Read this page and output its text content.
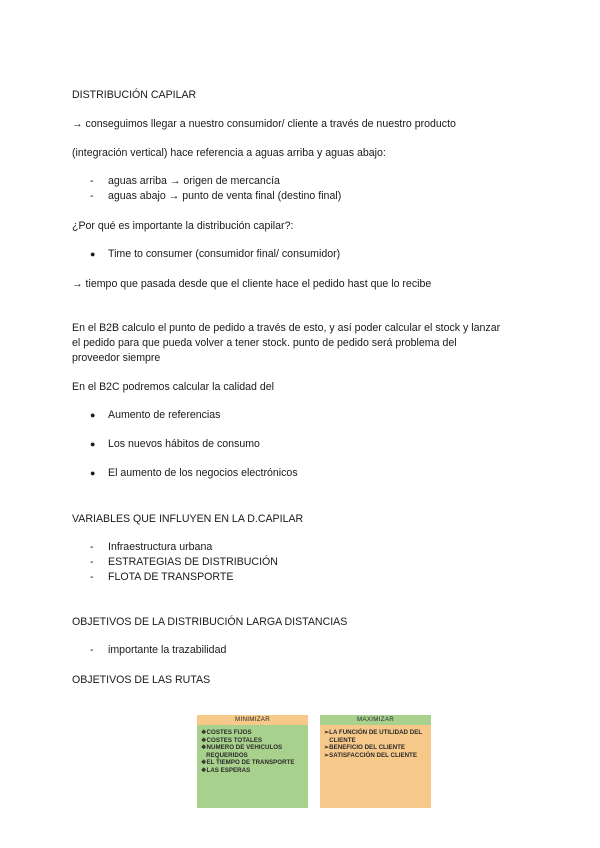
DISTRIBUCIÓN CAPILAR
→ conseguimos llegar a nuestro consumidor/ cliente a través de nuestro producto
(integración vertical) hace referencia a aguas arriba y aguas abajo:
- aguas arriba → origen de mercancía
- aguas abajo → punto de venta final (destino final)
¿Por qué es importante la distribución capilar?:
● Time to consumer (consumidor final/ consumidor)
→ tiempo que pasada desde que el cliente hace el pedido hast que lo recibe
En el B2B calculo el punto de pedido a través de esto, y así poder calcular el stock y lanzar
el pedido para que pueda volver a tener stock. punto de pedido será problema del
proveedor siempre
En el B2C podremos calcular la calidad del
● Aumento de referencias
● Los nuevos hábitos de consumo
● El aumento de los negocios electrónicos
VARIABLES QUE INFLUYEN EN LA D.CAPILAR
- Infraestructura urbana
- ESTRATEGIAS DE DISTRIBUCIÓN
- FLOTA DE TRANSPORTE
OBJETIVOS DE LA DISTRIBUCIÓN LARGA DISTANCIAS
- importante la trazabilidad
OBJETIVOS DE LAS RUTAS
MINIMIZAR
❖COSTES FIJOS
❖COSTES TOTALES
❖NUMERO DE VEHICULOS
REQUERIDOS
❖EL TIEMPO DE TRANSPORTE
❖LAS ESPERAS
MAXIMIZAR
➢LA FUNCIÓN DE UTILIDAD DEL
CLIENTE
➢BENEFICIO DEL CLIENTE
➢SATISFACCIÓN DEL CLIENTE
